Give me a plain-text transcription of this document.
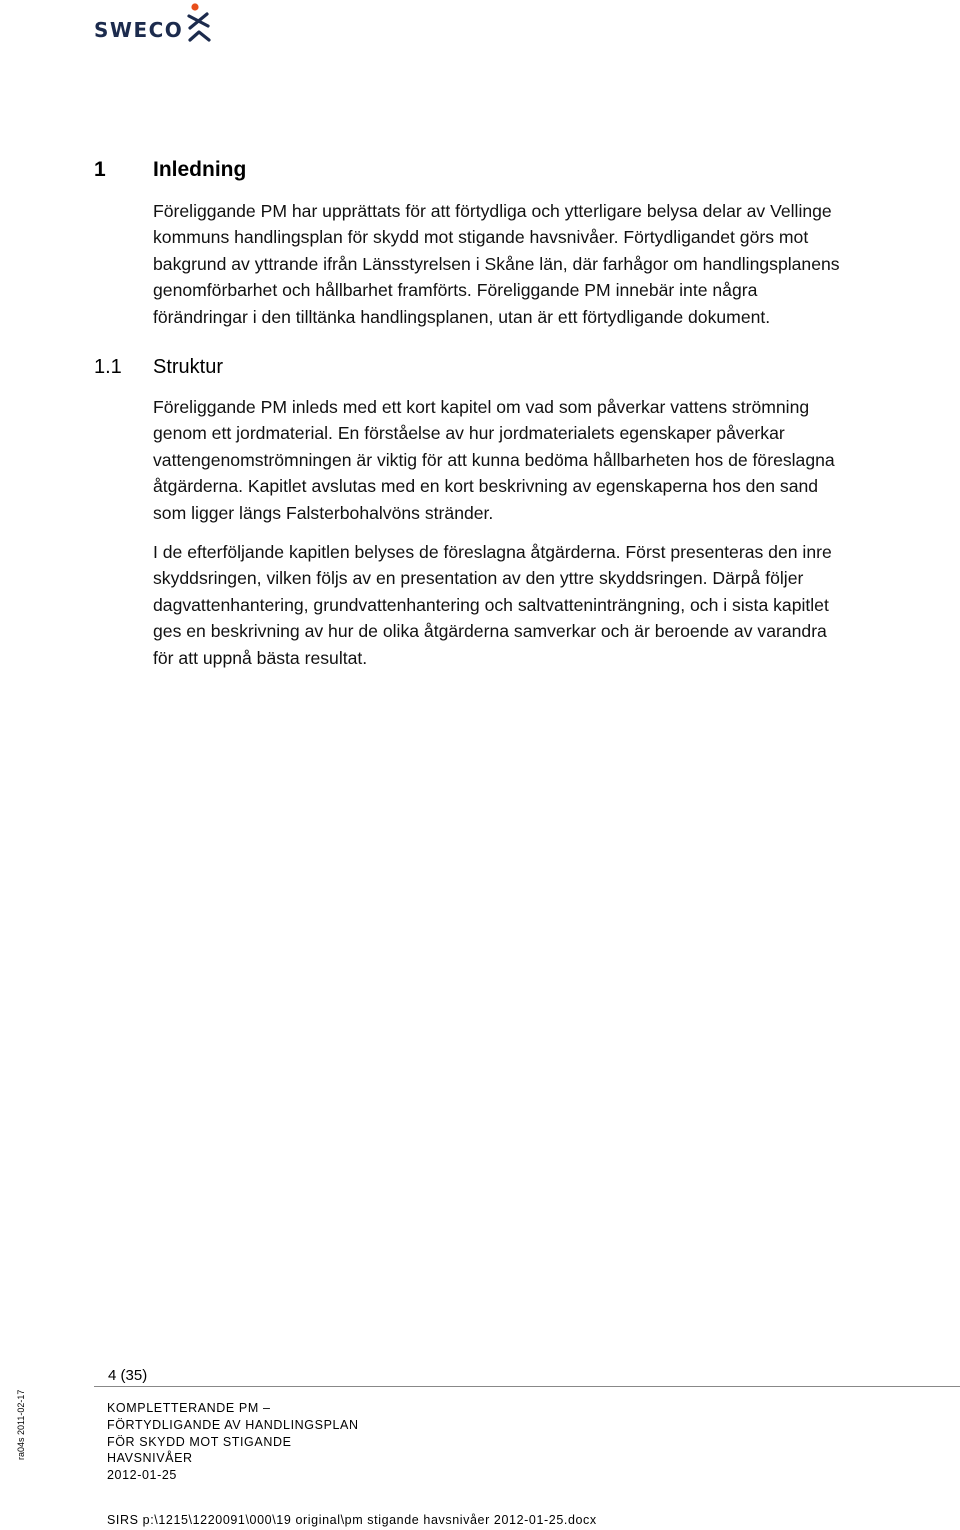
SWECO
1 Inledning

Föreliggande PM har upprättats för att förtydliga och ytterligare belysa delar av Vellinge
kommuns handlingsplan för skydd mot stigande havsnivåer. Förtydligandet görs mot
bakgrund av yttrande ifrån Länsstyrelsen i Skåne län, där farhågor om handlingsplanens
genomförbarhet och hållbarhet framförts. Föreliggande PM innebär inte några
förändringar i den tilltänka handlingsplanen, utan är ett förtydligande dokument.

1.1 Struktur

Föreliggande PM inleds med ett kort kapitel om vad som påverkar vattens strömning
genom ett jordmaterial. En förståelse av hur jordmaterialets egenskaper påverkar
vattengenomströmningen är viktig för att kunna bedöma hållbarheten hos de föreslagna
åtgärderna. Kapitlet avslutas med en kort beskrivning av egenskaperna hos den sand
som ligger längs Falsterbohalvöns stränder.

I de efterföljande kapitlen belyses de föreslagna åtgärderna. Först presenteras den inre
skyddsringen, vilken följs av en presentation av den yttre skyddsringen. Därpå följer
dagvattenhantering, grundvattenhantering och saltvatteninträngning, och i sista kapitlet
ges en beskrivning av hur de olika åtgärderna samverkar och är beroende av varandra
för att uppnå bästa resultat.

4 (35)
KOMPLETTERANDE PM –
FÖRTYDLIGANDE AV HANDLINGSPLAN
FÖR SKYDD MOT STIGANDE
HAVSNIVÅER
2012-01-25
SIRS p:\1215\1220091\000\19 original\pm stigande havsnivåer 2012-01-25.docx
ra04s 2011-02-17
